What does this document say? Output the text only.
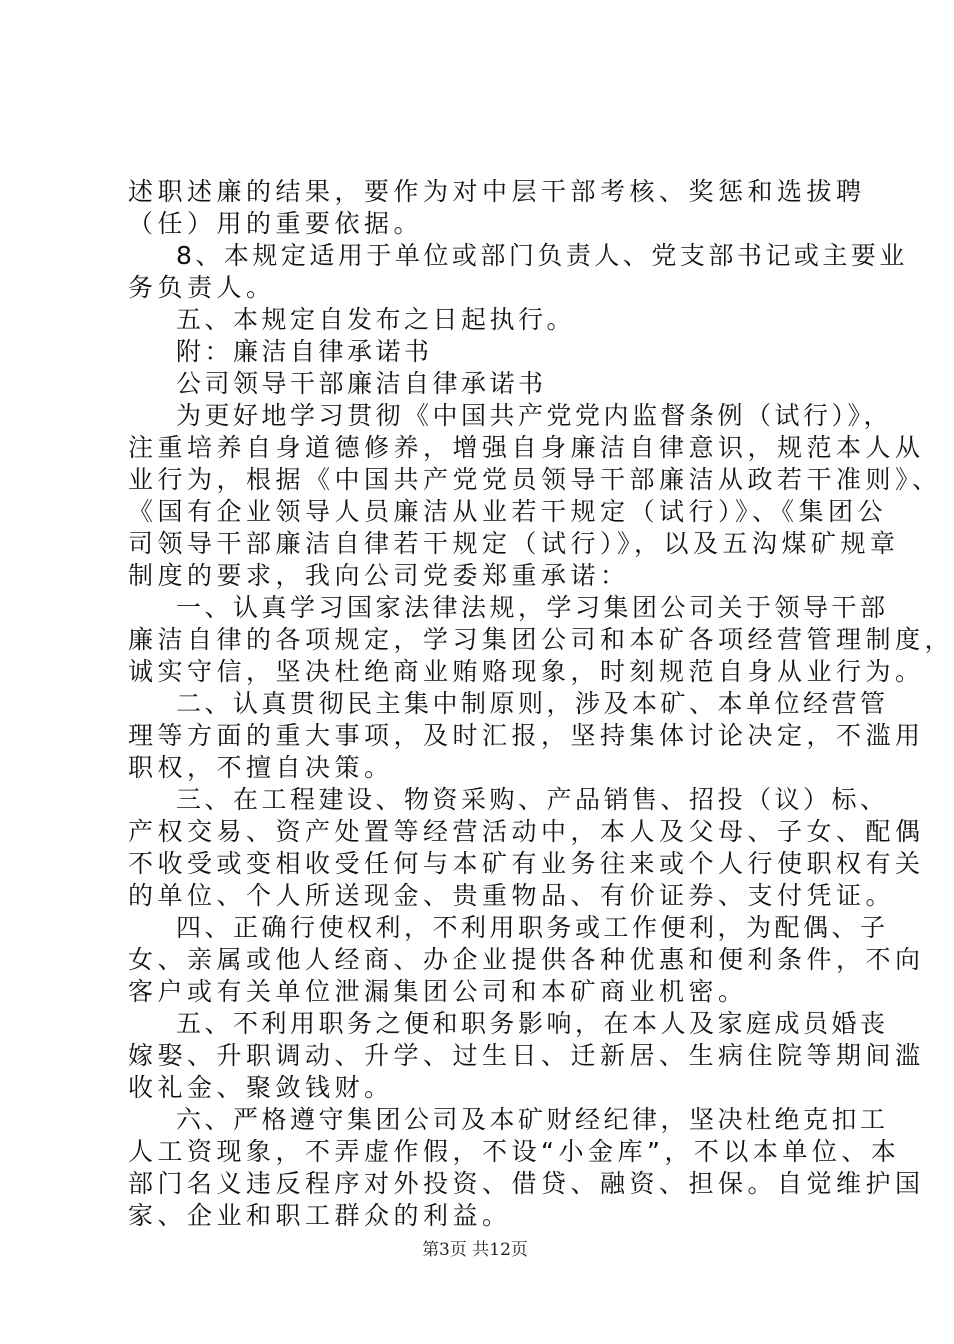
述职述廉的结果，要作为对中层干部考核、奖惩和选拔聘
（任）用的重要依据。
8、本规定适用于单位或部门负责人、党支部书记或主要业
务负责人。
五、本规定自发布之日起执行。
附：廉洁自律承诺书
公司领导干部廉洁自律承诺书
为更好地学习贯彻《中国共产党党内监督条例（试行）》，
注重培养自身道德修养，增强自身廉洁自律意识，规范本人从
业行为，根据《中国共产党党员领导干部廉洁从政若干准则》、
《国有企业领导人员廉洁从业若干规定（试行）》、《集团公
司领导干部廉洁自律若干规定（试行）》，以及五沟煤矿规章
制度的要求，我向公司党委郑重承诺：
一、认真学习国家法律法规，学习集团公司关于领导干部
廉洁自律的各项规定，学习集团公司和本矿各项经营管理制度，
诚实守信，坚决杜绝商业贿赂现象，时刻规范自身从业行为。
二、认真贯彻民主集中制原则，涉及本矿、本单位经营管
理等方面的重大事项，及时汇报，坚持集体讨论决定，不滥用
职权，不擅自决策。
三、在工程建设、物资采购、产品销售、招投（议）标、
产权交易、资产处置等经营活动中，本人及父母、子女、配偶
不收受或变相收受任何与本矿有业务往来或个人行使职权有关
的单位、个人所送现金、贵重物品、有价证券、支付凭证。
四、正确行使权利，不利用职务或工作便利，为配偶、子
女、亲属或他人经商、办企业提供各种优惠和便利条件，不向
客户或有关单位泄漏集团公司和本矿商业机密。
五、不利用职务之便和职务影响，在本人及家庭成员婚丧
嫁娶、升职调动、升学、过生日、迁新居、生病住院等期间滥
收礼金、聚敛钱财。
六、严格遵守集团公司及本矿财经纪律，坚决杜绝克扣工
人工资现象，不弄虚作假，不设“小金库”，不以本单位、本
部门名义违反程序对外投资、借贷、融资、担保。自觉维护国
家、企业和职工群众的利益。
第3页 共12页
